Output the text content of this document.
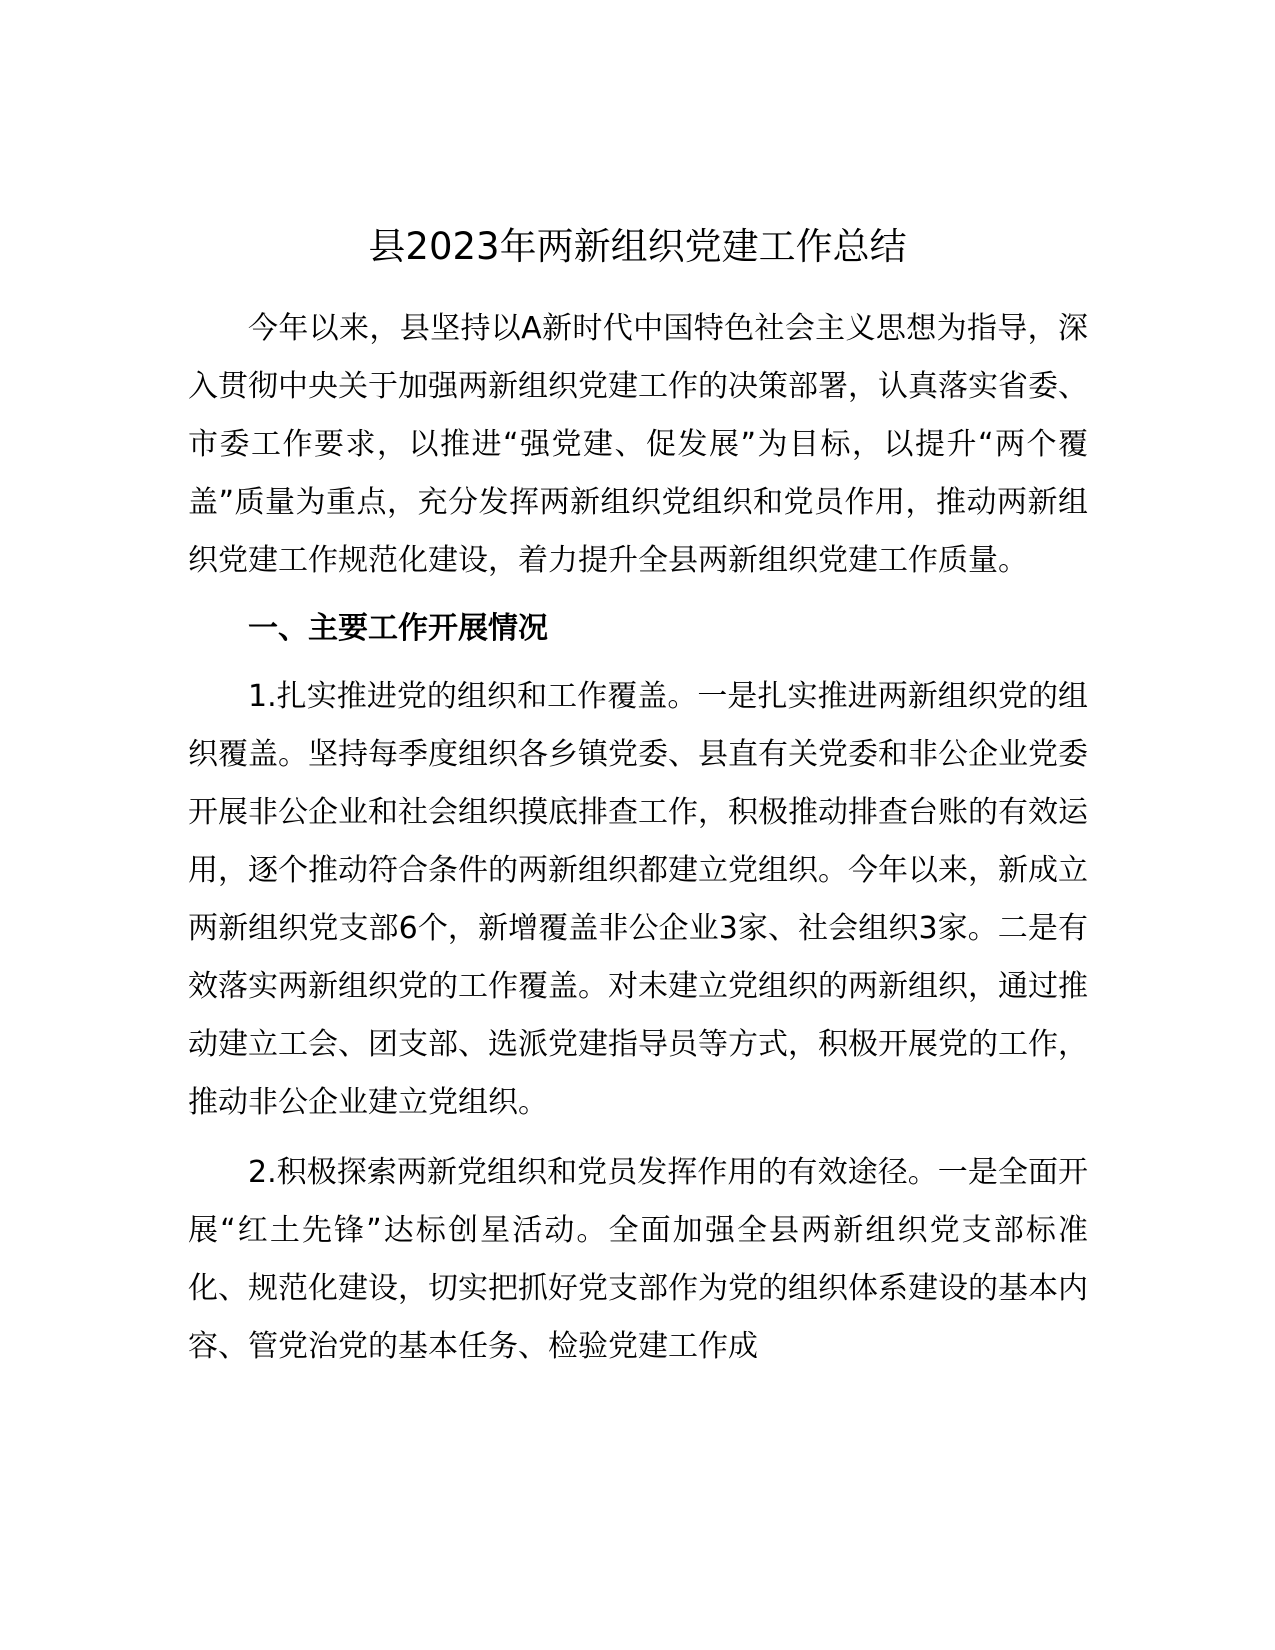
县2023年两新组织党建工作总结

今年以来，县坚持以A新时代中国特色社会主义思想为指导，深入贯彻中央关于加强两新组织党建工作的决策部署，认真落实省委、市委工作要求，以推进“强党建、促发展”为目标，以提升“两个覆盖”质量为重点，充分发挥两新组织党组织和党员作用，推动两新组织党建工作规范化建设，着力提升全县两新组织党建工作质量。

一、主要工作开展情况

1.扎实推进党的组织和工作覆盖。一是扎实推进两新组织党的组织覆盖。坚持每季度组织各乡镇党委、县直有关党委和非公企业党委开展非公企业和社会组织摸底排查工作，积极推动排查台账的有效运用，逐个推动符合条件的两新组织都建立党组织。今年以来，新成立两新组织党支部6个，新增覆盖非公企业3家、社会组织3家。二是有效落实两新组织党的工作覆盖。对未建立党组织的两新组织，通过推动建立工会、团支部、选派党建指导员等方式，积极开展党的工作，推动非公企业建立党组织。

2.积极探索两新党组织和党员发挥作用的有效途径。一是全面开展“红土先锋”达标创星活动。全面加强全县两新组织党支部标准化、规范化建设，切实把抓好党支部作为党的组织体系建设的基本内容、管党治党的基本任务、检验党建工作成
